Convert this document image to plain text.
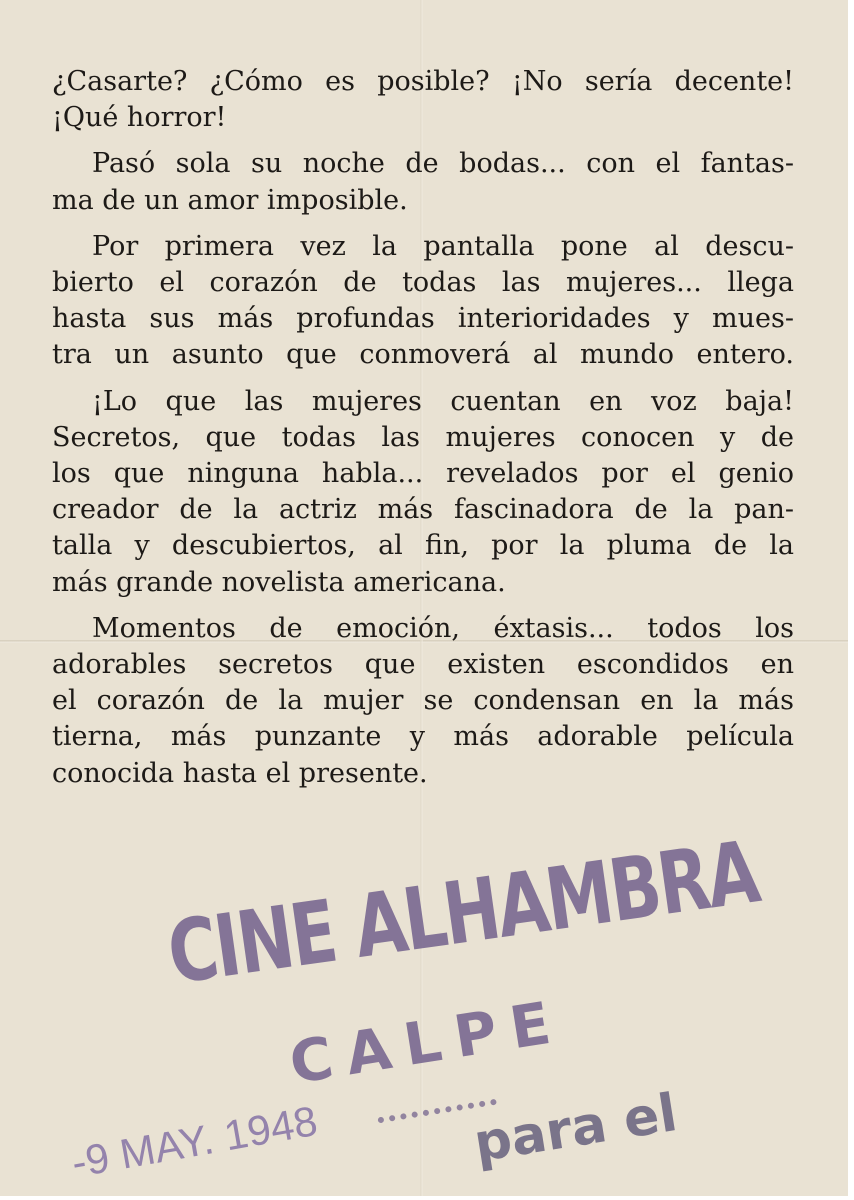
¿Casarte? ¿Cómo es posible? ¡No sería decente!
¡Qué horror!

Pasó sola su noche de bodas... con el fantas-
ma de un amor imposible.

Por primera vez la pantalla pone al descu-
bierto el corazón de todas las mujeres... llega
hasta sus más profundas interioridades y mues-
tra un asunto que conmoverá al mundo entero.

¡Lo que las mujeres cuentan en voz baja!
Secretos, que todas las mujeres conocen y de
los que ninguna habla... revelados por el genio
creador de la actriz más fascinadora de la pan-
talla y descubiertos, al fin, por la pluma de la
más grande novelista americana.

Momentos de emoción, éxtasis... todos los
adorables secretos que existen escondidos en
el corazón de la mujer se condensan en la más
tierna, más punzante y más adorable película
conocida hasta el presente.

CINE ALHAMBRA
CALPE
para el
-9 MAY. 1948
